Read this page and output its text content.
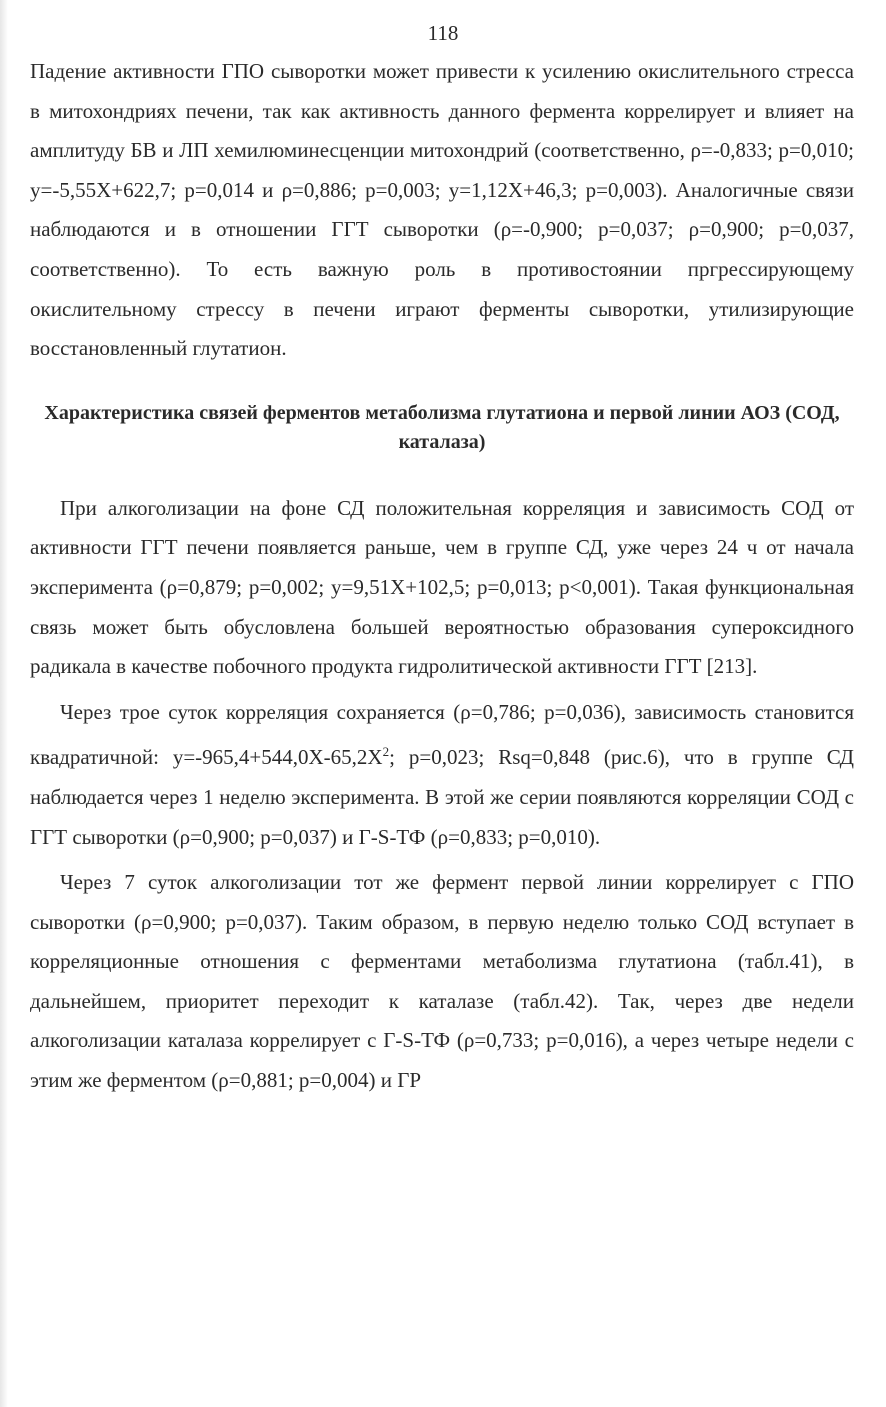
118

Падение активности ГПО сыворотки может привести к усилению окислительного стресса в митохондриях печени, так как активность данного фермента коррелирует и влияет на амплитуду БВ и ЛП хемилюминесценции митохондрий (соответственно, ρ=-0,833; p=0,010; y=-5,55X+622,7; p=0,014 и ρ=0,886; p=0,003; y=1,12X+46,3; p=0,003). Аналогичные связи наблюдаются и в отношении ГГТ сыворотки (ρ=-0,900; p=0,037; ρ=0,900; p=0,037, соответственно). То есть важную роль в противостоянии пргрессирующему окислительному стрессу в печени играют ферменты сыворотки, утилизирующие восстановленный глутатион.

Характеристика связей ферментов метаболизма глутатиона и первой линии АОЗ (СОД, каталаза)

При алкоголизации на фоне СД положительная корреляция и зависимость СОД от активности ГГТ печени появляется раньше, чем в группе СД, уже через 24 ч от начала эксперимента (ρ=0,879; p=0,002; y=9,51X+102,5; p=0,013; p<0,001). Такая функциональная связь может быть обусловлена большей вероятностью образования супероксидного радикала в качестве побочного продукта гидролитической активности ГГТ [213].

Через трое суток корреляция сохраняется (ρ=0,786; p=0,036), зависимость становится квадратичной: $y=-965,4+544,0X-65,2X^2$; p=0,023; Rsq=0,848 (рис.6), что в группе СД наблюдается через 1 неделю эксперимента. В этой же серии появляются корреляции СОД с ГГТ сыворотки (ρ=0,900; p=0,037) и Г-S-ТФ (ρ=0,833; p=0,010).

Через 7 суток алкоголизации тот же фермент первой линии коррелирует с ГПО сыворотки (ρ=0,900; p=0,037). Таким образом, в первую неделю только СОД вступает в корреляционные отношения с ферментами метаболизма глутатиона (табл.41), в дальнейшем, приоритет переходит к каталазе (табл.42). Так, через две недели алкоголизации каталаза коррелирует с Г-S-ТФ (ρ=0,733; p=0,016), а через четыре недели с этим же ферментом (ρ=0,881; p=0,004) и ГР
